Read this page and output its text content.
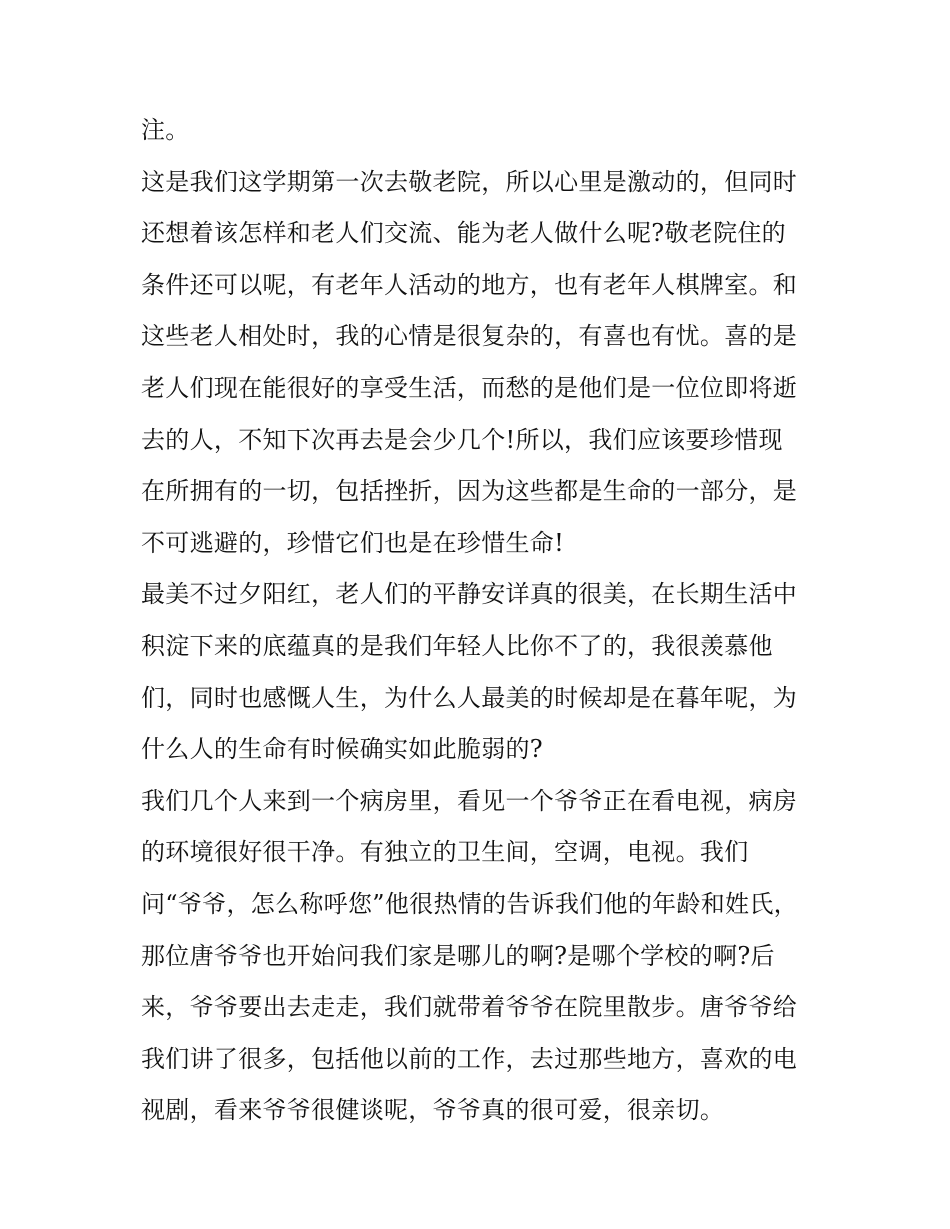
注。
这是我们这学期第一次去敬老院，所以心里是激动的，但同时
还想着该怎样和老人们交流、能为老人做什么呢?敬老院住的
条件还可以呢，有老年人活动的地方，也有老年人棋牌室。和
这些老人相处时，我的心情是很复杂的，有喜也有忧。喜的是
老人们现在能很好的享受生活，而愁的是他们是一位位即将逝
去的人，不知下次再去是会少几个!所以，我们应该要珍惜现
在所拥有的一切，包括挫折，因为这些都是生命的一部分，是
不可逃避的，珍惜它们也是在珍惜生命!
最美不过夕阳红，老人们的平静安详真的很美，在长期生活中
积淀下来的底蕴真的是我们年轻人比你不了的，我很羡慕他
们，同时也感慨人生，为什么人最美的时候却是在暮年呢，为
什么人的生命有时候确实如此脆弱的?
我们几个人来到一个病房里，看见一个爷爷正在看电视，病房
的环境很好很干净。有独立的卫生间，空调，电视。我们
问“爷爷，怎么称呼您”他很热情的告诉我们他的年龄和姓氏，
那位唐爷爷也开始问我们家是哪儿的啊?是哪个学校的啊?后
来，爷爷要出去走走，我们就带着爷爷在院里散步。唐爷爷给
我们讲了很多，包括他以前的工作，去过那些地方，喜欢的电
视剧，看来爷爷很健谈呢，爷爷真的很可爱，很亲切。
